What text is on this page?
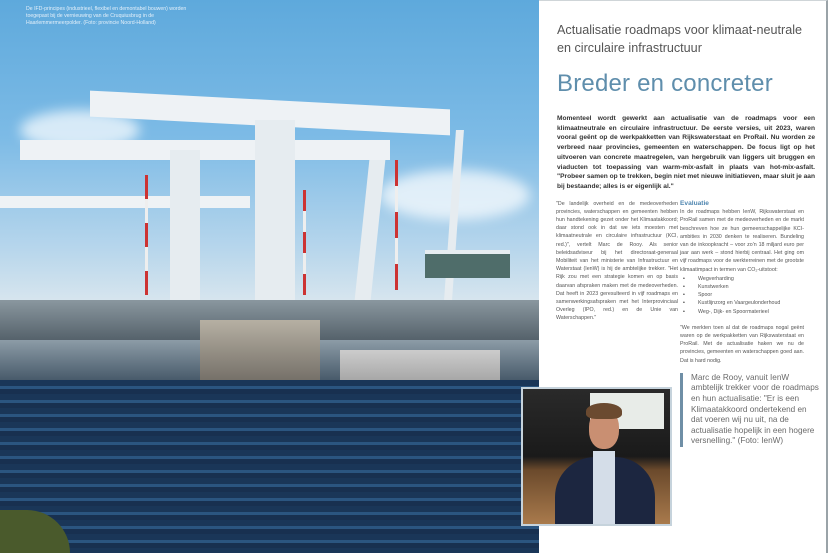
De IFD-principes (industrieel, flexibel en demontabel bouwen) worden toegepast bij de vernieuwing van de Cruquiusbrug in de Haarlemmermeerpolder. (Foto: provincie Noord-Holland)	Actualisatie roadmaps voor klimaat-neutrale en circulaire infrastructuur
Breder en concreter

Momenteel wordt gewerkt aan actualisatie van de roadmaps voor een klimaatneutrale en circulaire infrastructuur. De eerste versies, uit 2023, waren vooral geënt op de werkpakketten van Rijkswaterstaat en ProRail. Nu worden ze verbreed naar provincies, gemeenten en waterschappen. De focus ligt op het uitvoeren van concrete maatregelen, van hergebruik van liggers uit bruggen en viaducten tot toepassing van warm-mix-asfalt in plaats van hot-mix-asfalt. "Probeer samen op te trekken, begin niet met nieuwe initiatieven, maar sluit je aan bij bestaande; alles is er eigenlijk al."

"De landelijk overheid en de medeoverheden provincies, waterschappen en gemeenten hebben hun handtekening gezet onder het Klimaatakkoord; daar stond ook in dat we iets moesten met klimaatneutrale en circulaire infrastructuur (KCI, red.)", vertelt Marc de Rooy. Als senior beleidsadviseur bij het directoraat-generaal Mobiliteit van het ministerie van Infrastructuur en Waterstaat (IenW) is hij de ambtelijke trekker. "Het Rijk zou met een strategie komen en op basis daarvan afspraken maken met de medeoverheden. Dat heeft in 2023 geresulteerd in vijf roadmaps en samenwerkingsafspraken met het Interprovinciaal Overleg (IPO, red.) en de Unie van Waterschappen."

Evaluatie

In de roadmaps hebben IenW, Rijkswaterstaat en ProRail samen met de medeoverheden en de markt beschreven hoe ze hun gemeenschappelijke KCI-ambities in 2030 denken te realiseren. Bundeling van de inkoopkracht – voor zo'n 18 miljard euro per jaar aan werk – stond hierbij centraal. Het ging om vijf roadmaps voor de werkterreinen met de grootste klimaatimpact in termen van CO₂-uitstoot:

• Wegverharding
• Kunstwerken
• Spoor
• Kustlijnzorg en Vaargeulonderhoud
• Weg-, Dijk- en Spoormaterieel

"We merkten toen al dat de roadmaps nogal geënt waren op de werkpakketten van Rijkswaterstaat en ProRail. Met de actualisatie haken we nu de provincies, gemeenten en waterschappen goed aan. Dat is hard nodig.

Marc de Rooy, vanuit IenW ambtelijk trekker voor de roadmaps en hun actualisatie: "Er is een Klimaatakkoord ondertekend en dat voeren wij nu uit, na de actualisatie hopelijk in een hogere versnelling." (Foto: IenW)
